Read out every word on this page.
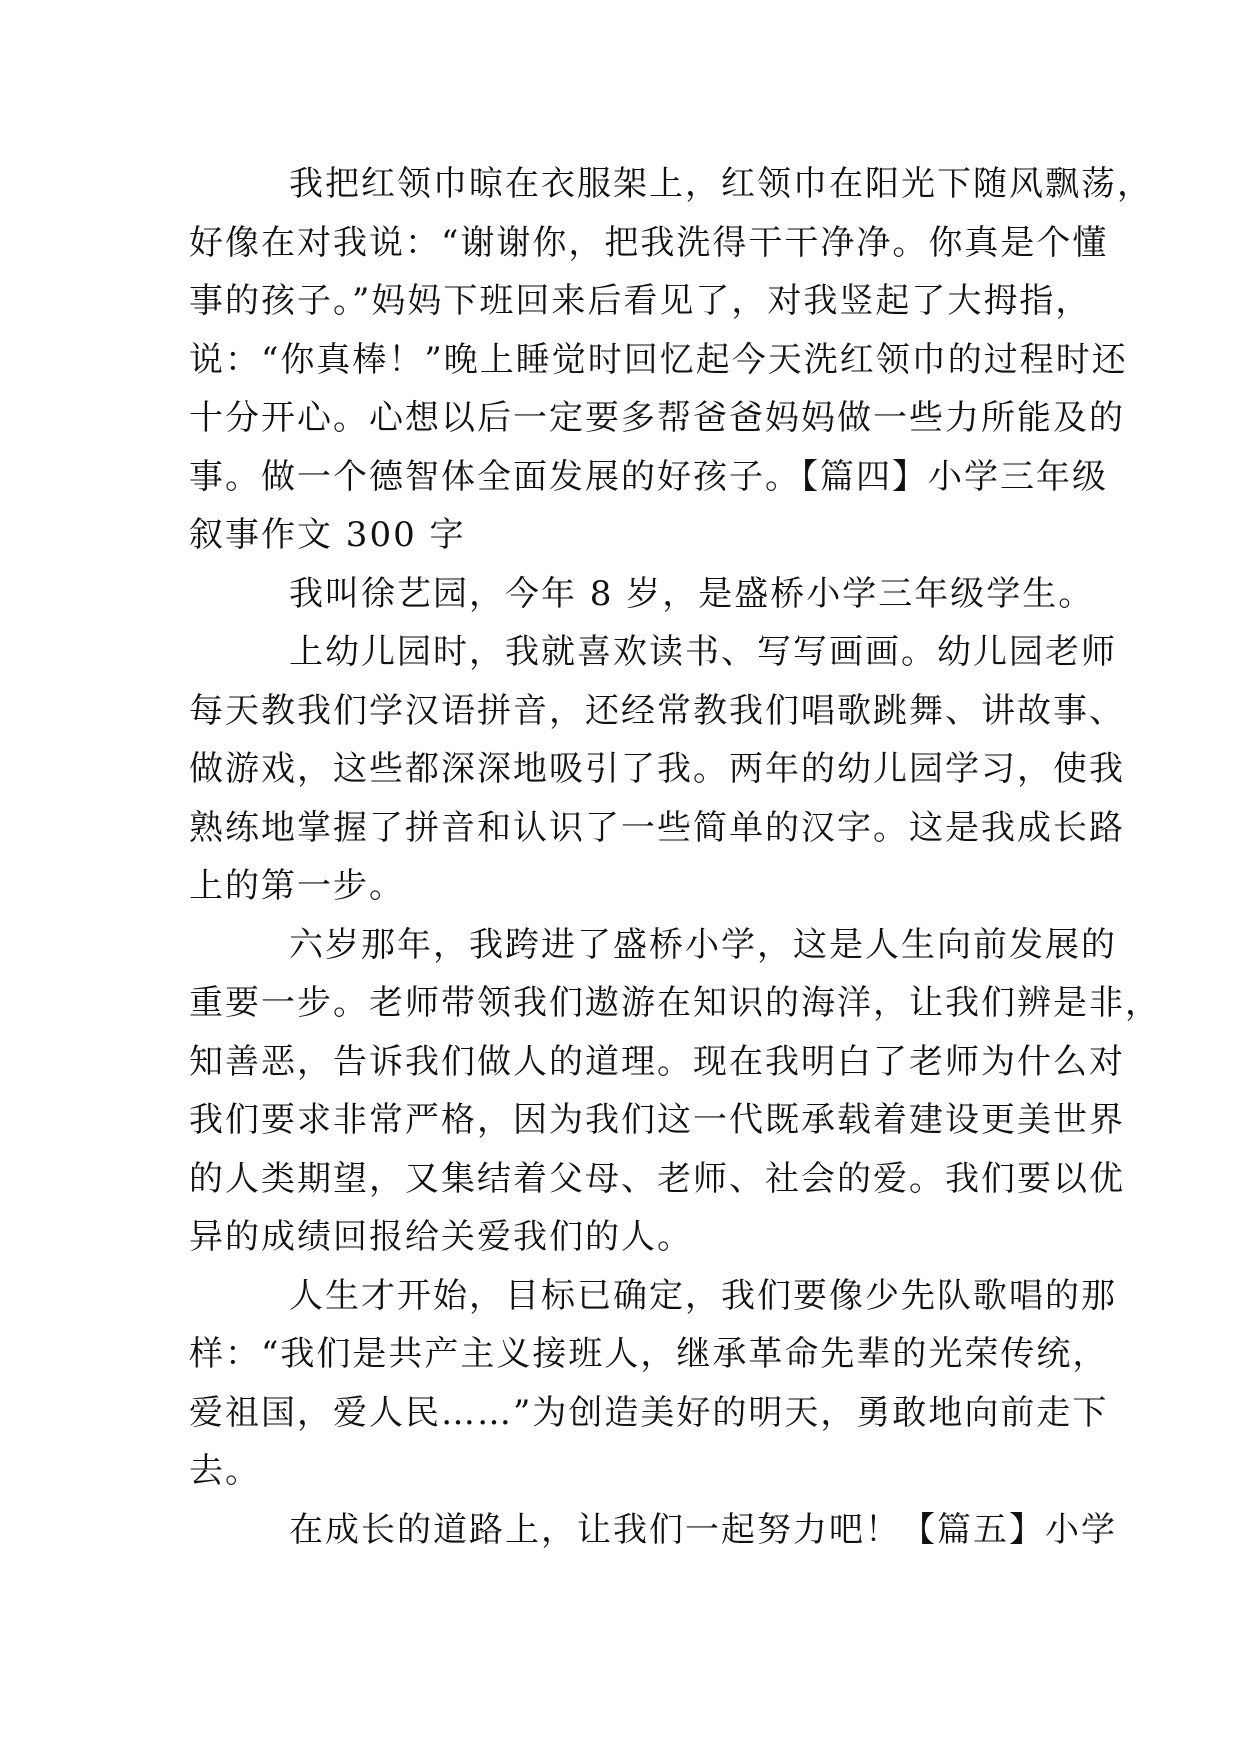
我把红领巾晾在衣服架上，红领巾在阳光下随风飘荡，
好像在对我说：“谢谢你，把我洗得干干净净。你真是个懂
事的孩子。”妈妈下班回来后看见了，对我竖起了大拇指，
说：“你真棒！”晚上睡觉时回忆起今天洗红领巾的过程时还
十分开心。心想以后一定要多帮爸爸妈妈做一些力所能及的
事。做一个德智体全面发展的好孩子。【篇四】小学三年级
叙事作文 300 字
我叫徐艺园，今年 8 岁，是盛桥小学三年级学生。
上幼儿园时，我就喜欢读书、写写画画。幼儿园老师
每天教我们学汉语拼音，还经常教我们唱歌跳舞、讲故事、
做游戏，这些都深深地吸引了我。两年的幼儿园学习，使我
熟练地掌握了拼音和认识了一些简单的汉字。这是我成长路
上的第一步。
六岁那年，我跨进了盛桥小学，这是人生向前发展的
重要一步。老师带领我们遨游在知识的海洋，让我们辨是非，
知善恶，告诉我们做人的道理。现在我明白了老师为什么对
我们要求非常严格，因为我们这一代既承载着建设更美世界
的人类期望，又集结着父母、老师、社会的爱。我们要以优
异的成绩回报给关爱我们的人。
人生才开始，目标已确定，我们要像少先队歌唱的那
样：“我们是共产主义接班人，继承革命先辈的光荣传统，
爱祖国，爱人民……”为创造美好的明天，勇敢地向前走下
去。
在成长的道路上，让我们一起努力吧！【篇五】小学
